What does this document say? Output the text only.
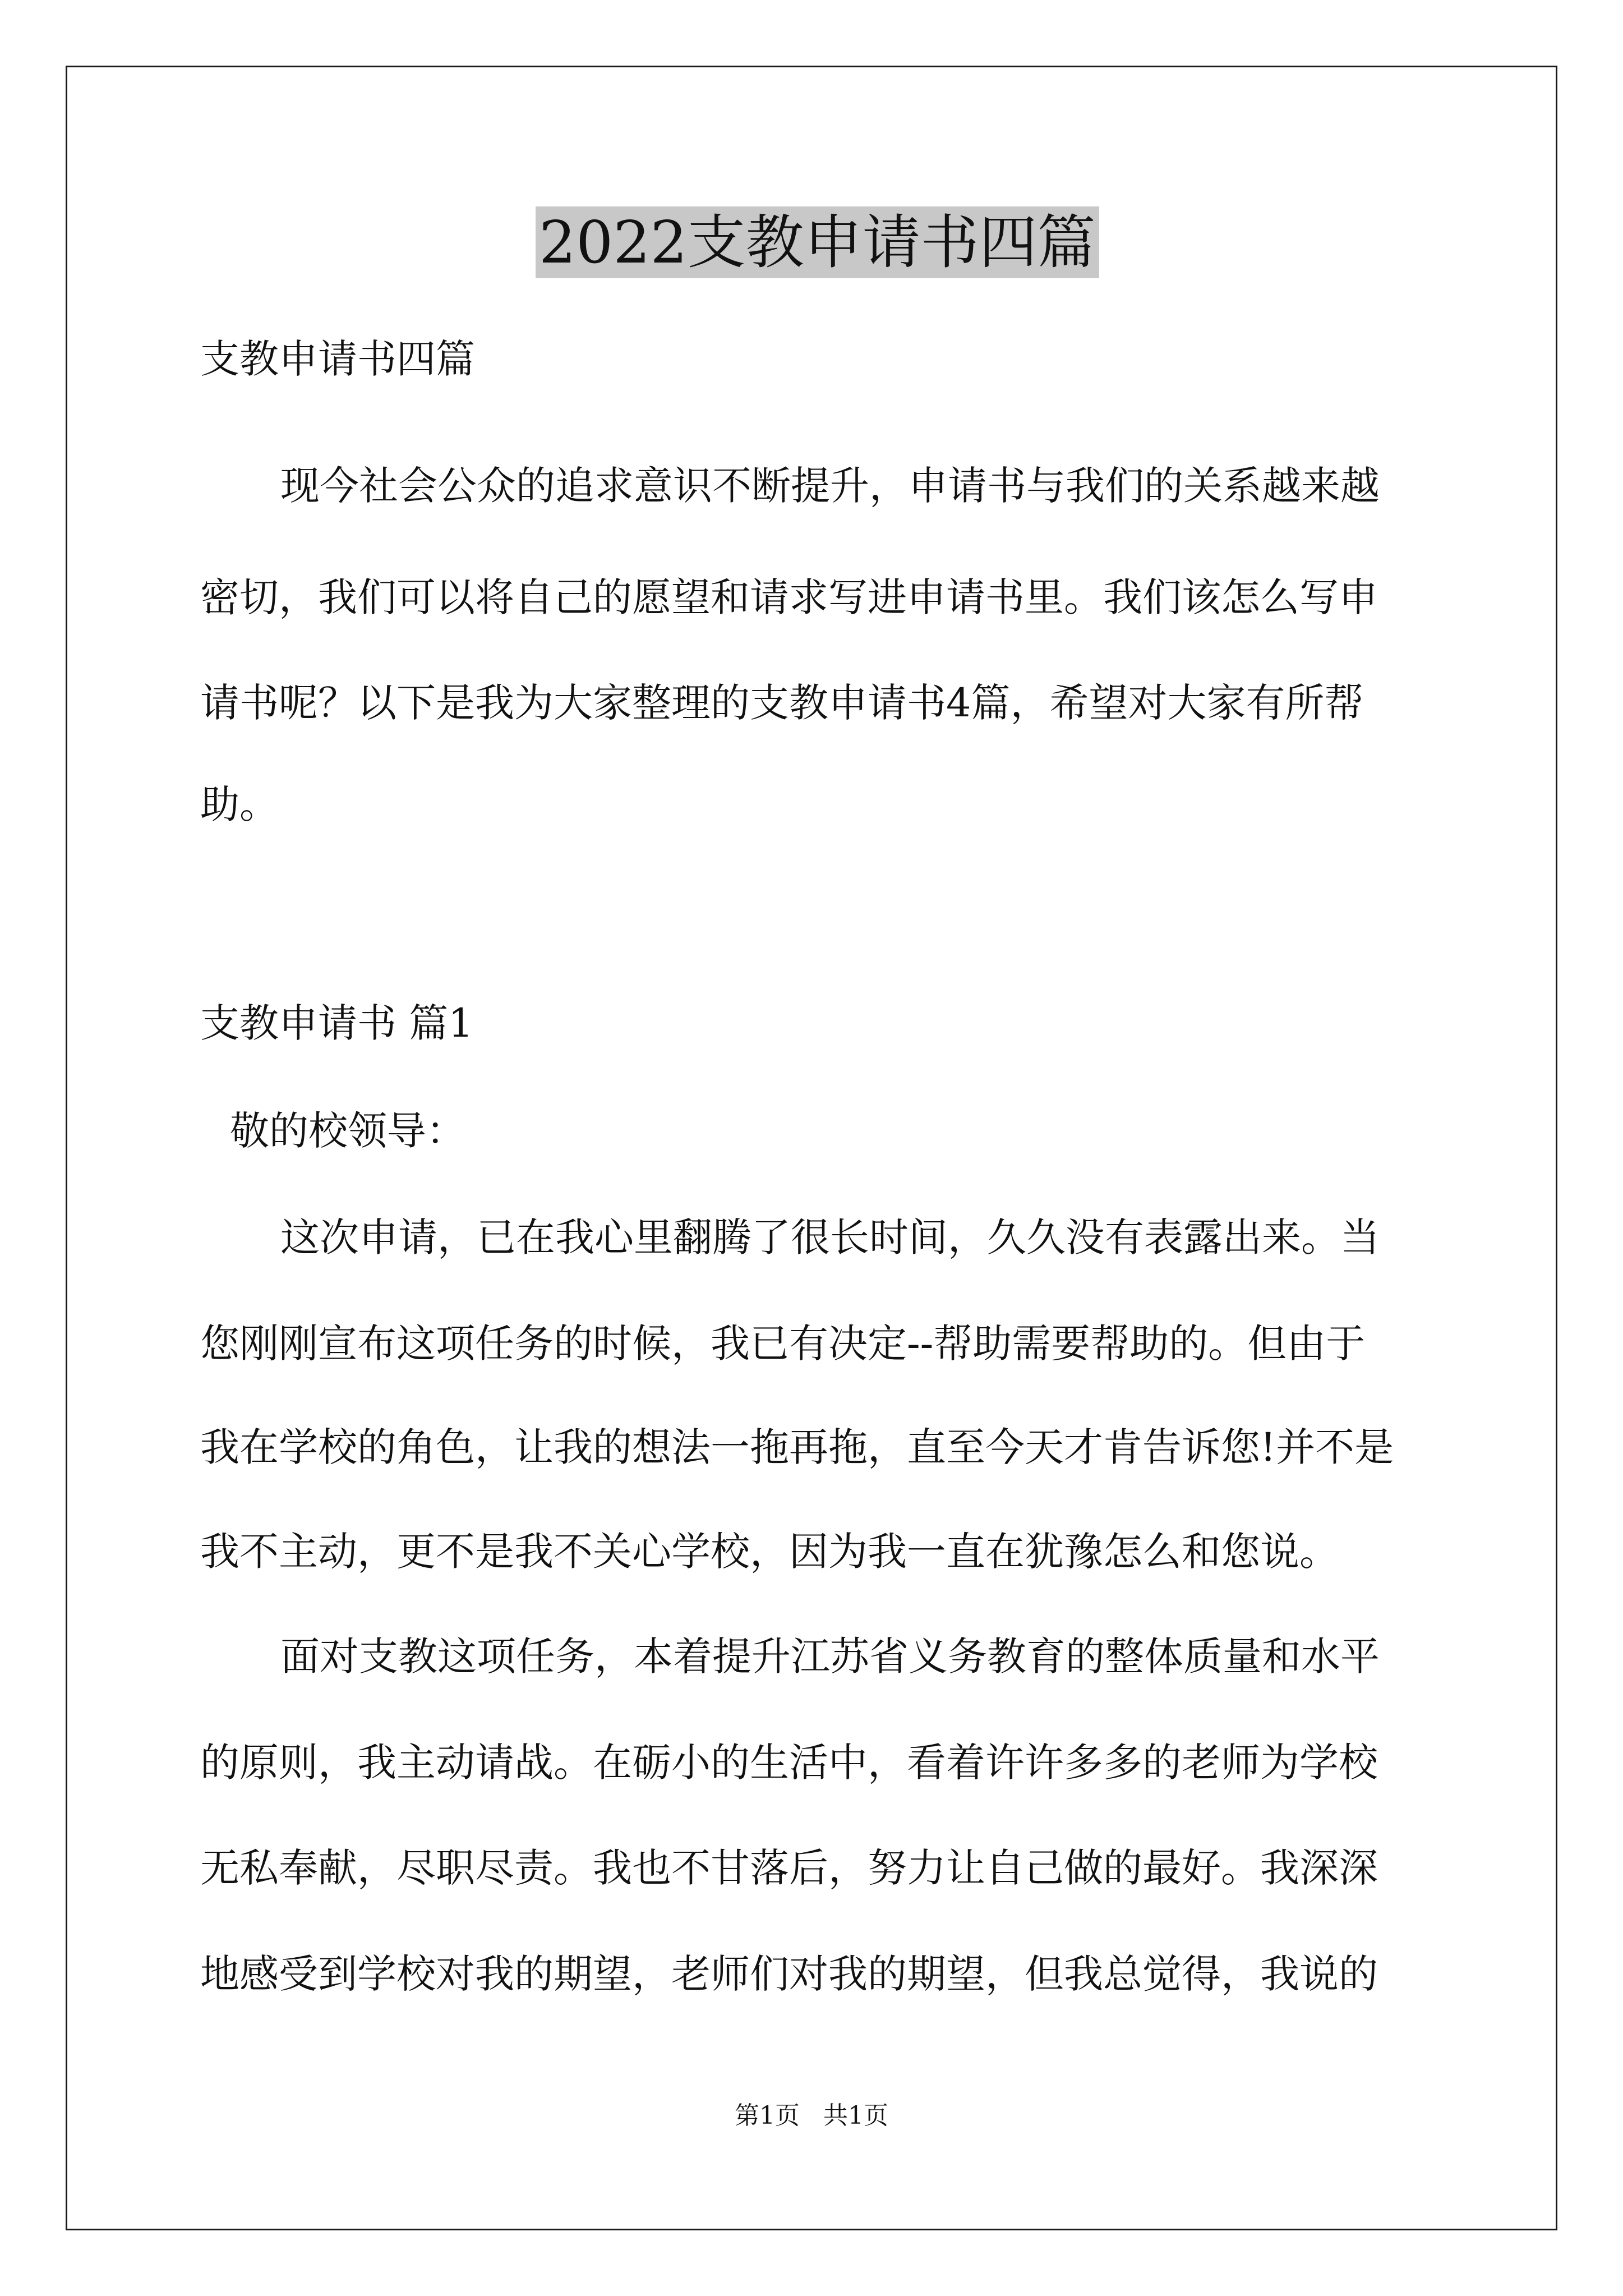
2022支教申请书四篇
支教申请书四篇
现今社会公众的追求意识不断提升，申请书与我们的关系越来越
密切，我们可以将自己的愿望和请求写进申请书里。我们该怎么写申
请书呢？以下是我为大家整理的支教申请书4篇，希望对大家有所帮
助。
支教申请书 篇1
敬的校领导：
这次申请，已在我心里翻腾了很长时间，久久没有表露出来。当
您刚刚宣布这项任务的时候，我已有决定--帮助需要帮助的。但由于
我在学校的角色，让我的想法一拖再拖，直至今天才肯告诉您!并不是
我不主动，更不是我不关心学校，因为我一直在犹豫怎么和您说。
面对支教这项任务，本着提升江苏省义务教育的整体质量和水平
的原则，我主动请战。在砺小的生活中，看着许许多多的老师为学校
无私奉献，尽职尽责。我也不甘落后，努力让自己做的最好。我深深
地感受到学校对我的期望，老师们对我的期望，但我总觉得，我说的
第1页   共1页
